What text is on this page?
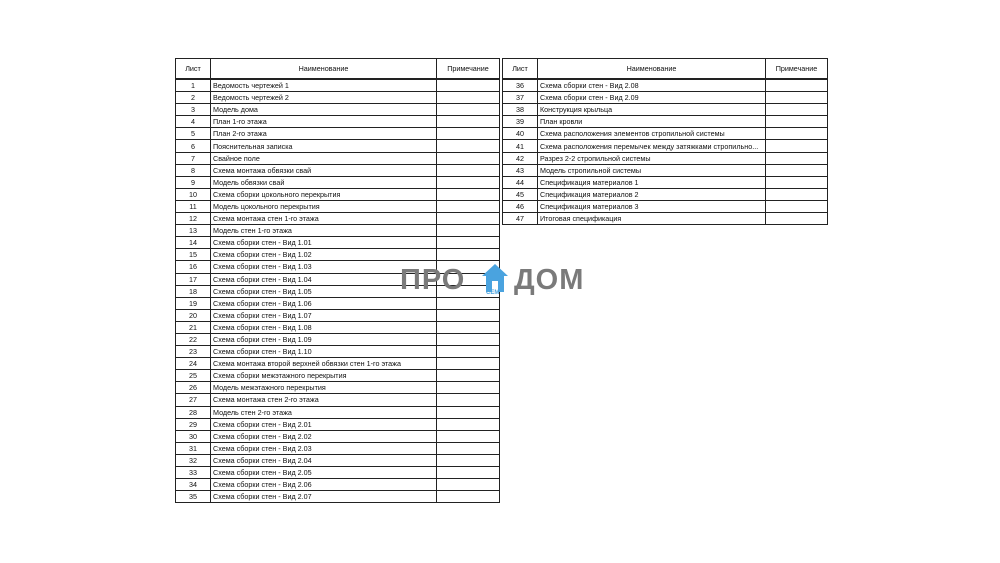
Лист	Наименование	Примечание
1	Ведомость чертежей 1	
2	Ведомость чертежей 2	
3	Модель дома	
4	План 1-го этажа	
5	План 2-го этажа	
6	Пояснительная записка	
7	Свайное поле	
8	Схема монтажа обвязки свай	
9	Модель обвязки свай	
10	Схема сборки цокольного перекрытия	
11	Модель цокольного перекрытия	
12	Схема монтажа стен 1-го этажа	
13	Модель стен 1-го этажа	
14	Схема сборки стен - Вид 1.01	
15	Схема сборки стен - Вид 1.02	
16	Схема сборки стен - Вид 1.03	
17	Схема сборки стен - Вид 1.04	
18	Схема сборки стен - Вид 1.05	
19	Схема сборки стен - Вид 1.06	
20	Схема сборки стен - Вид 1.07	
21	Схема сборки стен - Вид 1.08	
22	Схема сборки стен - Вид 1.09	
23	Схема сборки стен - Вид 1.10	
24	Схема монтажа второй верхней обвязки стен 1-го этажа	
25	Схема сборки межэтажного перекрытия	
26	Модель межэтажного перекрытия	
27	Схема монтажа стен 2-го этажа	
28	Модель стен 2-го этажа	
29	Схема сборки стен - Вид 2.01	
30	Схема сборки стен - Вид 2.02	
31	Схема сборки стен - Вид 2.03	
32	Схема сборки стен - Вид 2.04	
33	Схема сборки стен - Вид 2.05	
34	Схема сборки стен - Вид 2.06	
35	Схема сборки стен - Вид 2.07	
Лист	Наименование	Примечание
36	Схема сборки стен - Вид 2.08	
37	Схема сборки стен - Вид 2.09	
38	Конструкция крыльца	
39	План кровли	
40	Схема расположения элементов стропильной системы	
41	Схема расположения перемычек между затяжками стропильно...	
42	Разрез 2-2 стропильной системы	
43	Модель стропильной системы	
44	Спецификация материалов 1	
45	Спецификация материалов 2	
46	Спецификация материалов 3	
47	Итоговая спецификация	
ПРО	СЕМ ДОМ
